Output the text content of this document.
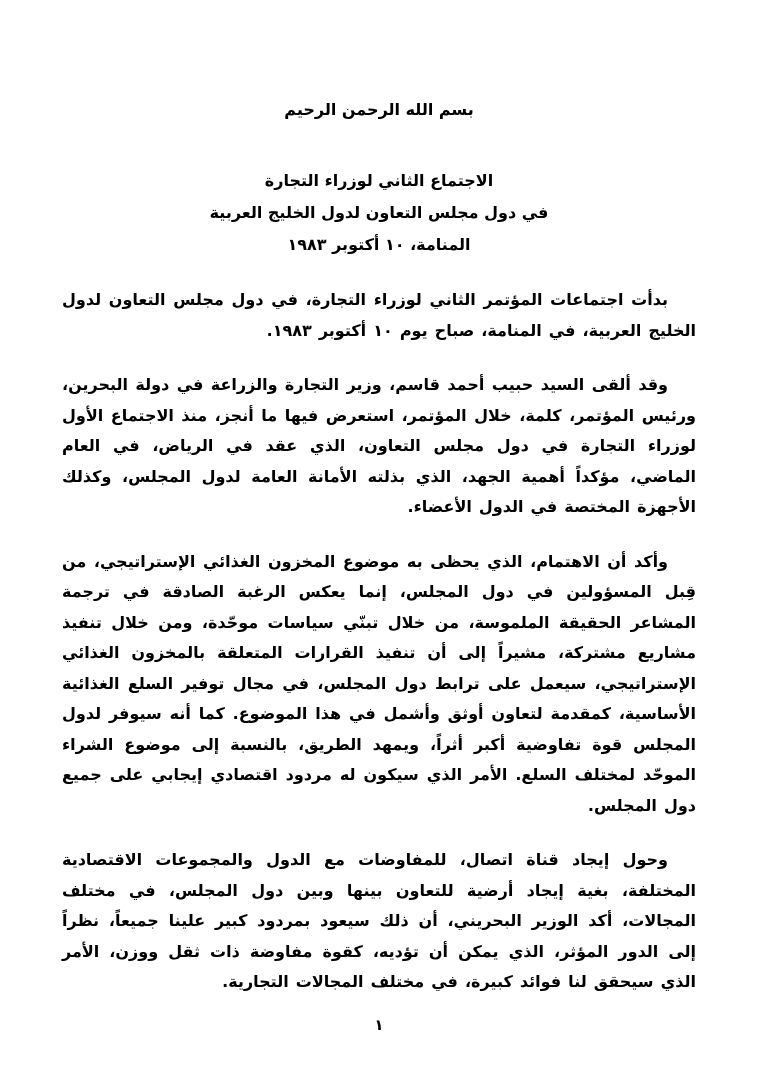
بسم الله الرحمن الرحيم
الاجتماع الثاني لوزراء التجارة
في دول مجلس التعاون لدول الخليج العربية
المنامة، ١٠ أكتوبر ١٩٨٣

بدأت اجتماعات المؤتمر الثاني لوزراء التجارة، في دول مجلس التعاون لدول الخليج العربية، في المنامة، صباح يوم ١٠ أكتوبر ١٩٨٣.

وقد ألقى السيد حبيب أحمد قاسم، وزير التجارة والزراعة في دولة البحرين، ورئيس المؤتمر، كلمة، خلال المؤتمر، استعرض فيها ما أنجز، منذ الاجتماع الأول لوزراء التجارة في دول مجلس التعاون، الذي عقد في الرياض، في العام الماضي، مؤكداً أهمية الجهد، الذي بذلته الأمانة العامة لدول المجلس، وكذلك الأجهزة المختصة في الدول الأعضاء.

وأكد أن الاهتمام، الذي يحظى به موضوع المخزون الغذائي الإستراتيجي، من قِبل المسؤولين في دول المجلس، إنما يعكس الرغبة الصادقة في ترجمة المشاعر الحقيقة الملموسة، من خلال تبنّي سياسات موحّدة، ومن خلال تنفيذ مشاريع مشتركة، مشيراً إلى أن تنفيذ القرارات المتعلقة بالمخزون الغذائي الإستراتيجي، سيعمل على ترابط دول المجلس، في مجال توفير السلع الغذائية الأساسية، كمقدمة لتعاون أوثق وأشمل في هذا الموضوع. كما أنه سيوفر لدول المجلس قوة تفاوضية أكبر أثراً، ويمهد الطريق، بالنسبة إلى موضوع الشراء الموحّد لمختلف السلع. الأمر الذي سيكون له مردود اقتصادي إيجابي على جميع دول المجلس.

وحول إيجاد قناة اتصال، للمفاوضات مع الدول والمجموعات الاقتصادية المختلفة، بغية إيجاد أرضية للتعاون بينها وبين دول المجلس، في مختلف المجالات، أكد الوزير البحريني، أن ذلك سيعود بمردود كبير علينا جميعاً، نظراً إلى الدور المؤثر، الذي يمكن أن تؤديه، كقوة مفاوضة ذات ثقل ووزن، الأمر الذي سيحقق لنا فوائد كبيرة، في مختلف المجالات التجارية.

١
